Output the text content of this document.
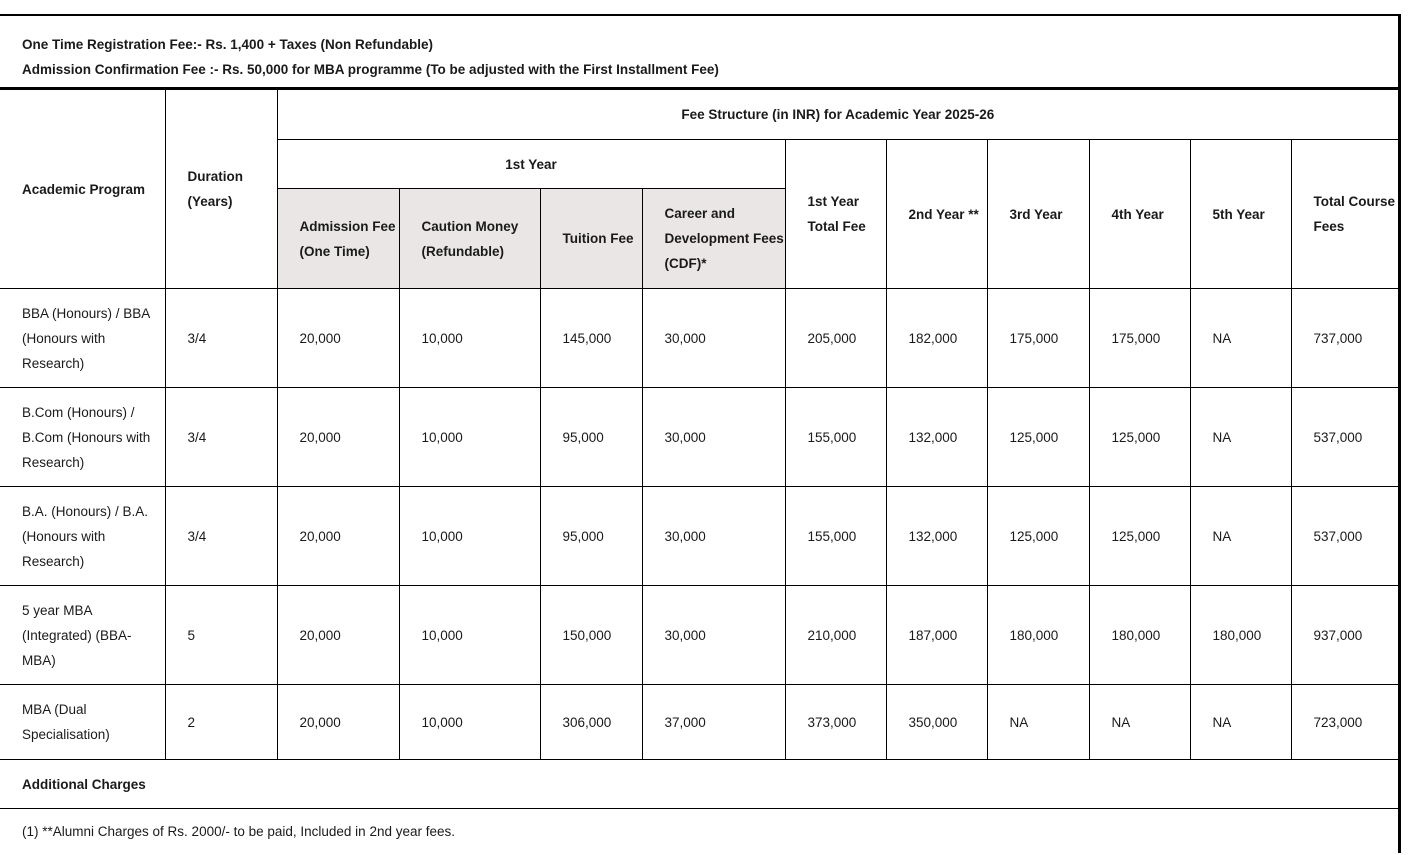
One Time Registration Fee:- Rs. 1,400 + Taxes (Non Refundable)
Admission Confirmation Fee :- Rs. 50,000 for MBA programme (To be adjusted with the First Installment Fee)
Academic Program	Duration (Years)	Fee Structure (in INR) for Academic Year 2025-26									
		1st Year				1st Year Total Fee	2nd Year **	3rd Year	4th Year	5th Year	Total Course Fees
		Admission Fee (One Time)	Caution Money (Refundable)	Tuition Fee	Career and Development Fees (CDF)*						
BBA (Honours) / BBA (Honours with Research)	3/4	20,000	10,000	145,000	30,000	205,000	182,000	175,000	175,000	NA	737,000
B.Com (Honours) / B.Com (Honours with Research)	3/4	20,000	10,000	95,000	30,000	155,000	132,000	125,000	125,000	NA	537,000
B.A. (Honours) / B.A. (Honours with Research)	3/4	20,000	10,000	95,000	30,000	155,000	132,000	125,000	125,000	NA	537,000
5 year MBA (Integrated) (BBA-MBA)	5	20,000	10,000	150,000	30,000	210,000	187,000	180,000	180,000	180,000	937,000
MBA (Dual Specialisation)	2	20,000	10,000	306,000	37,000	373,000	350,000	NA	NA	NA	723,000
Additional Charges											
(1) **Alumni Charges of Rs. 2000/- to be paid, Included in 2nd year fees.											
